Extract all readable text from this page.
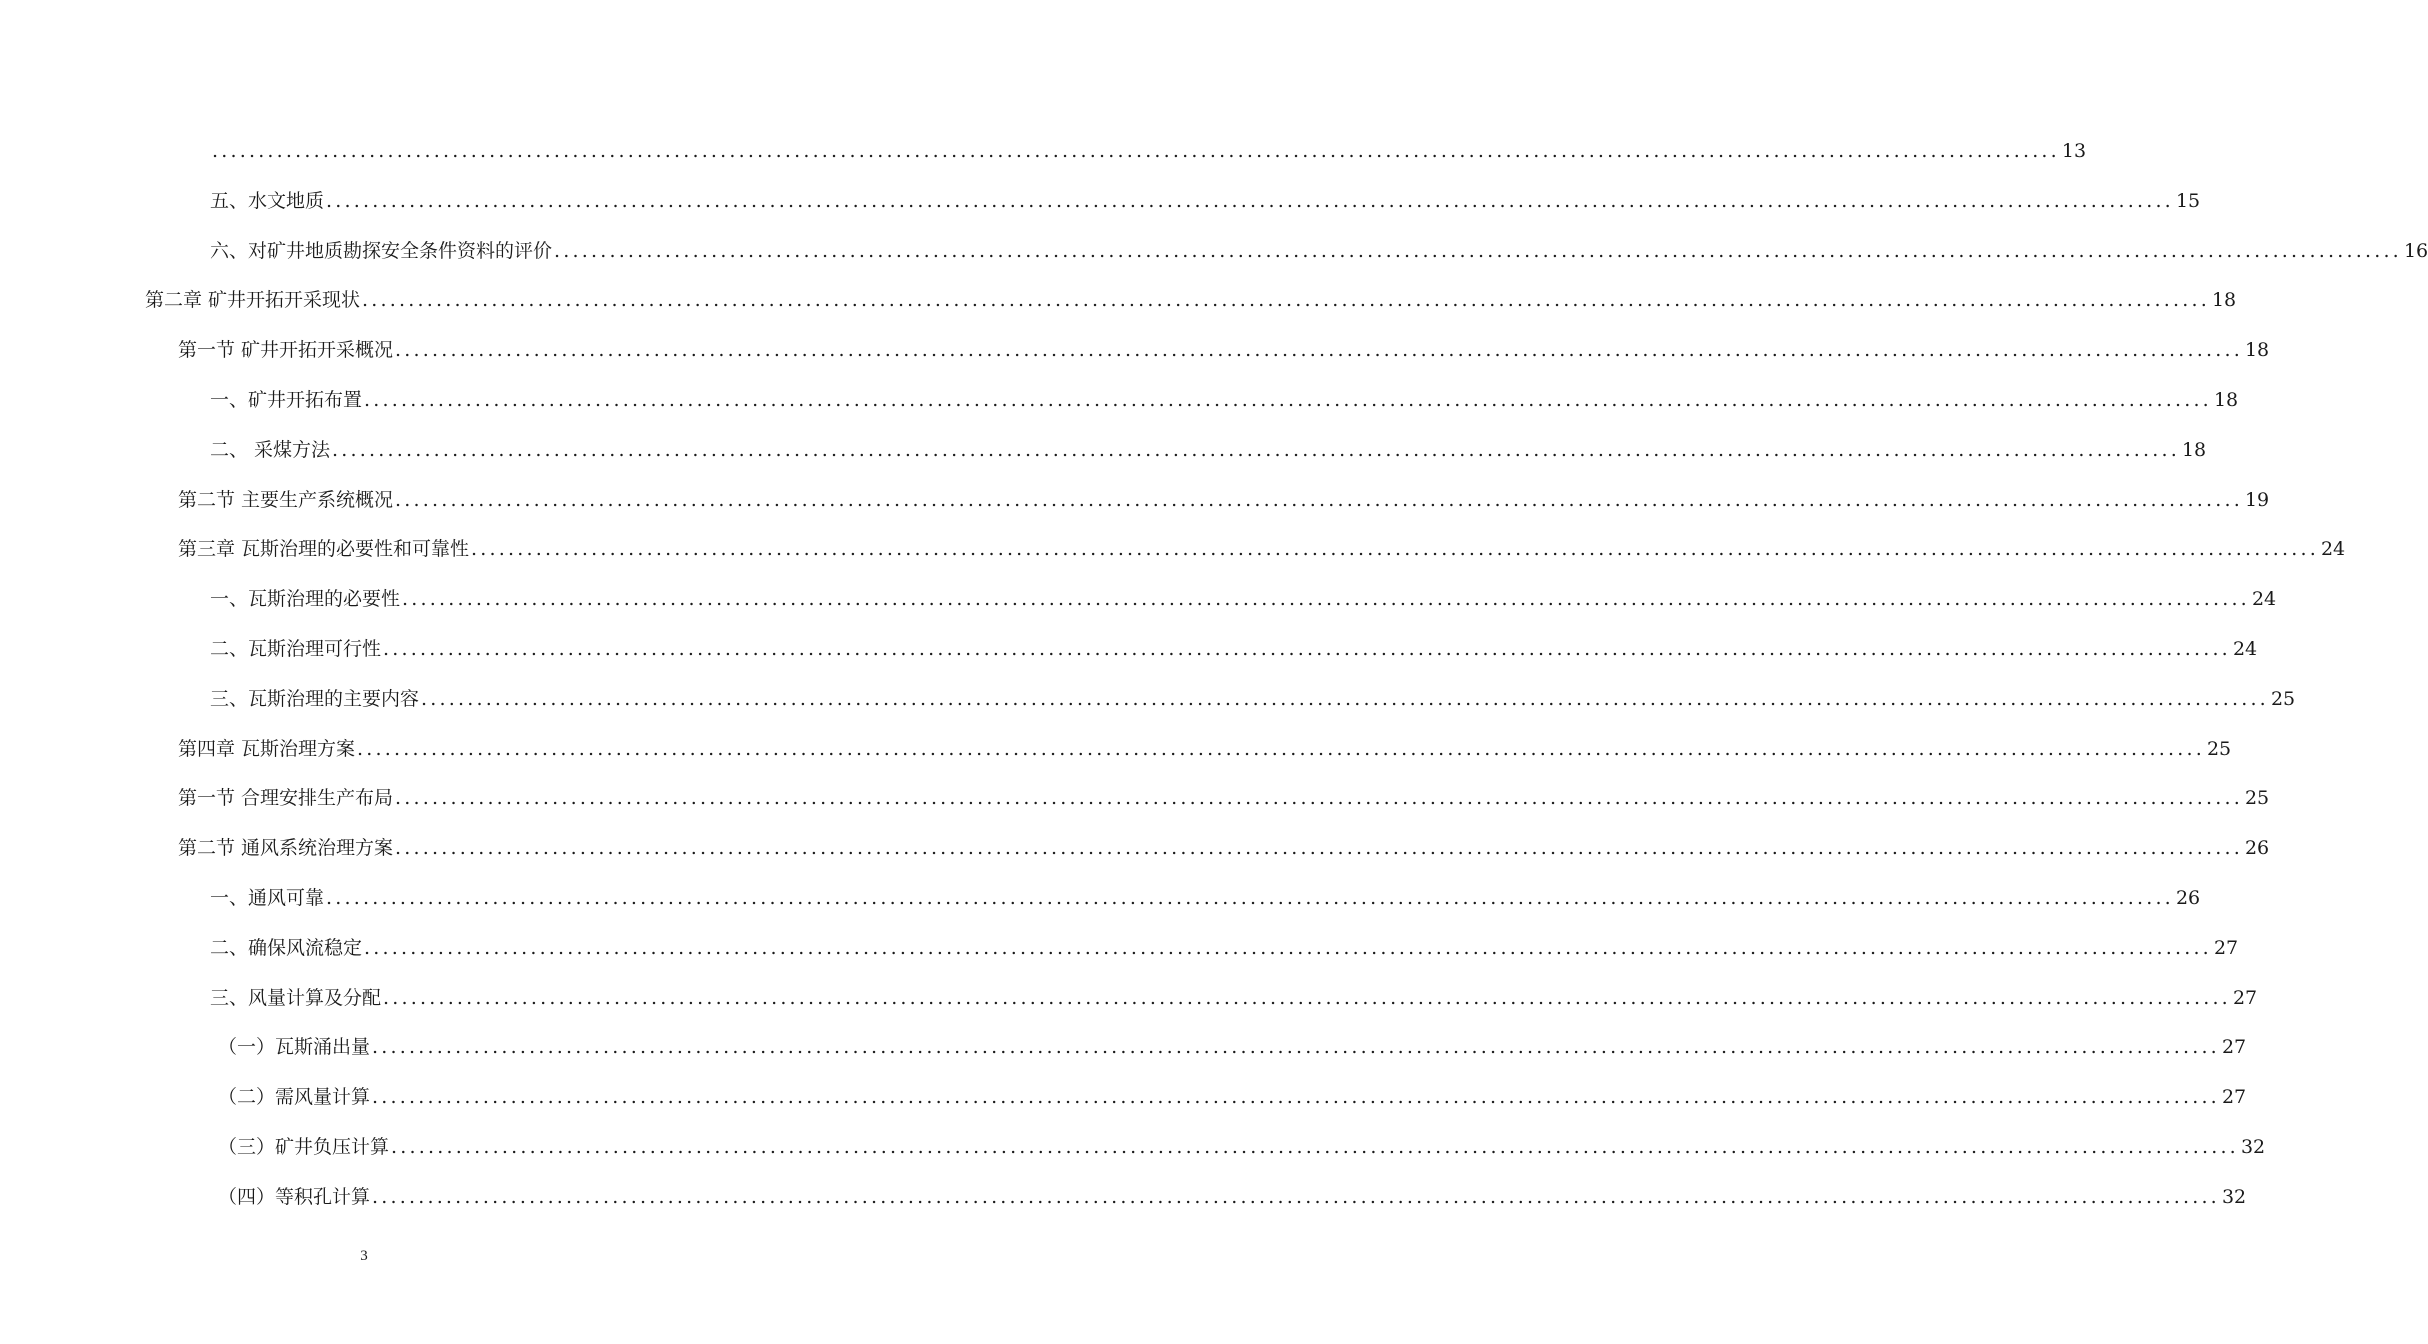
........................................................................................................................................................................................................ 13
五、水文地质 ........................................................................................................................................................................................................ 15
六、对矿井地质勘探安全条件资料的评价 ........................................................................................................................................................................................................ 16
第二章 矿井开拓开采现状 ........................................................................................................................................................................................................ 18
第一节 矿井开拓开采概况 ........................................................................................................................................................................................................ 18
一、矿井开拓布置 ........................................................................................................................................................................................................ 18
二、 采煤方法 ........................................................................................................................................................................................................ 18
第二节 主要生产系统概况 ........................................................................................................................................................................................................ 19
第三章 瓦斯治理的必要性和可靠性 ........................................................................................................................................................................................................ 24
一、瓦斯治理的必要性 ........................................................................................................................................................................................................ 24
二、瓦斯治理可行性 ........................................................................................................................................................................................................ 24
三、瓦斯治理的主要内容 ........................................................................................................................................................................................................ 25
第四章 瓦斯治理方案 ........................................................................................................................................................................................................ 25
第一节 合理安排生产布局 ........................................................................................................................................................................................................ 25
第二节 通风系统治理方案 ........................................................................................................................................................................................................ 26
一、通风可靠 ........................................................................................................................................................................................................ 26
二、确保风流稳定 ........................................................................................................................................................................................................ 27
三、风量计算及分配 ........................................................................................................................................................................................................ 27
（一）瓦斯涌出量 ........................................................................................................................................................................................................ 27
（二）需风量计算 ........................................................................................................................................................................................................ 27
（三）矿井负压计算 ........................................................................................................................................................................................................ 32
（四）等积孔计算 ........................................................................................................................................................................................................ 32
3
